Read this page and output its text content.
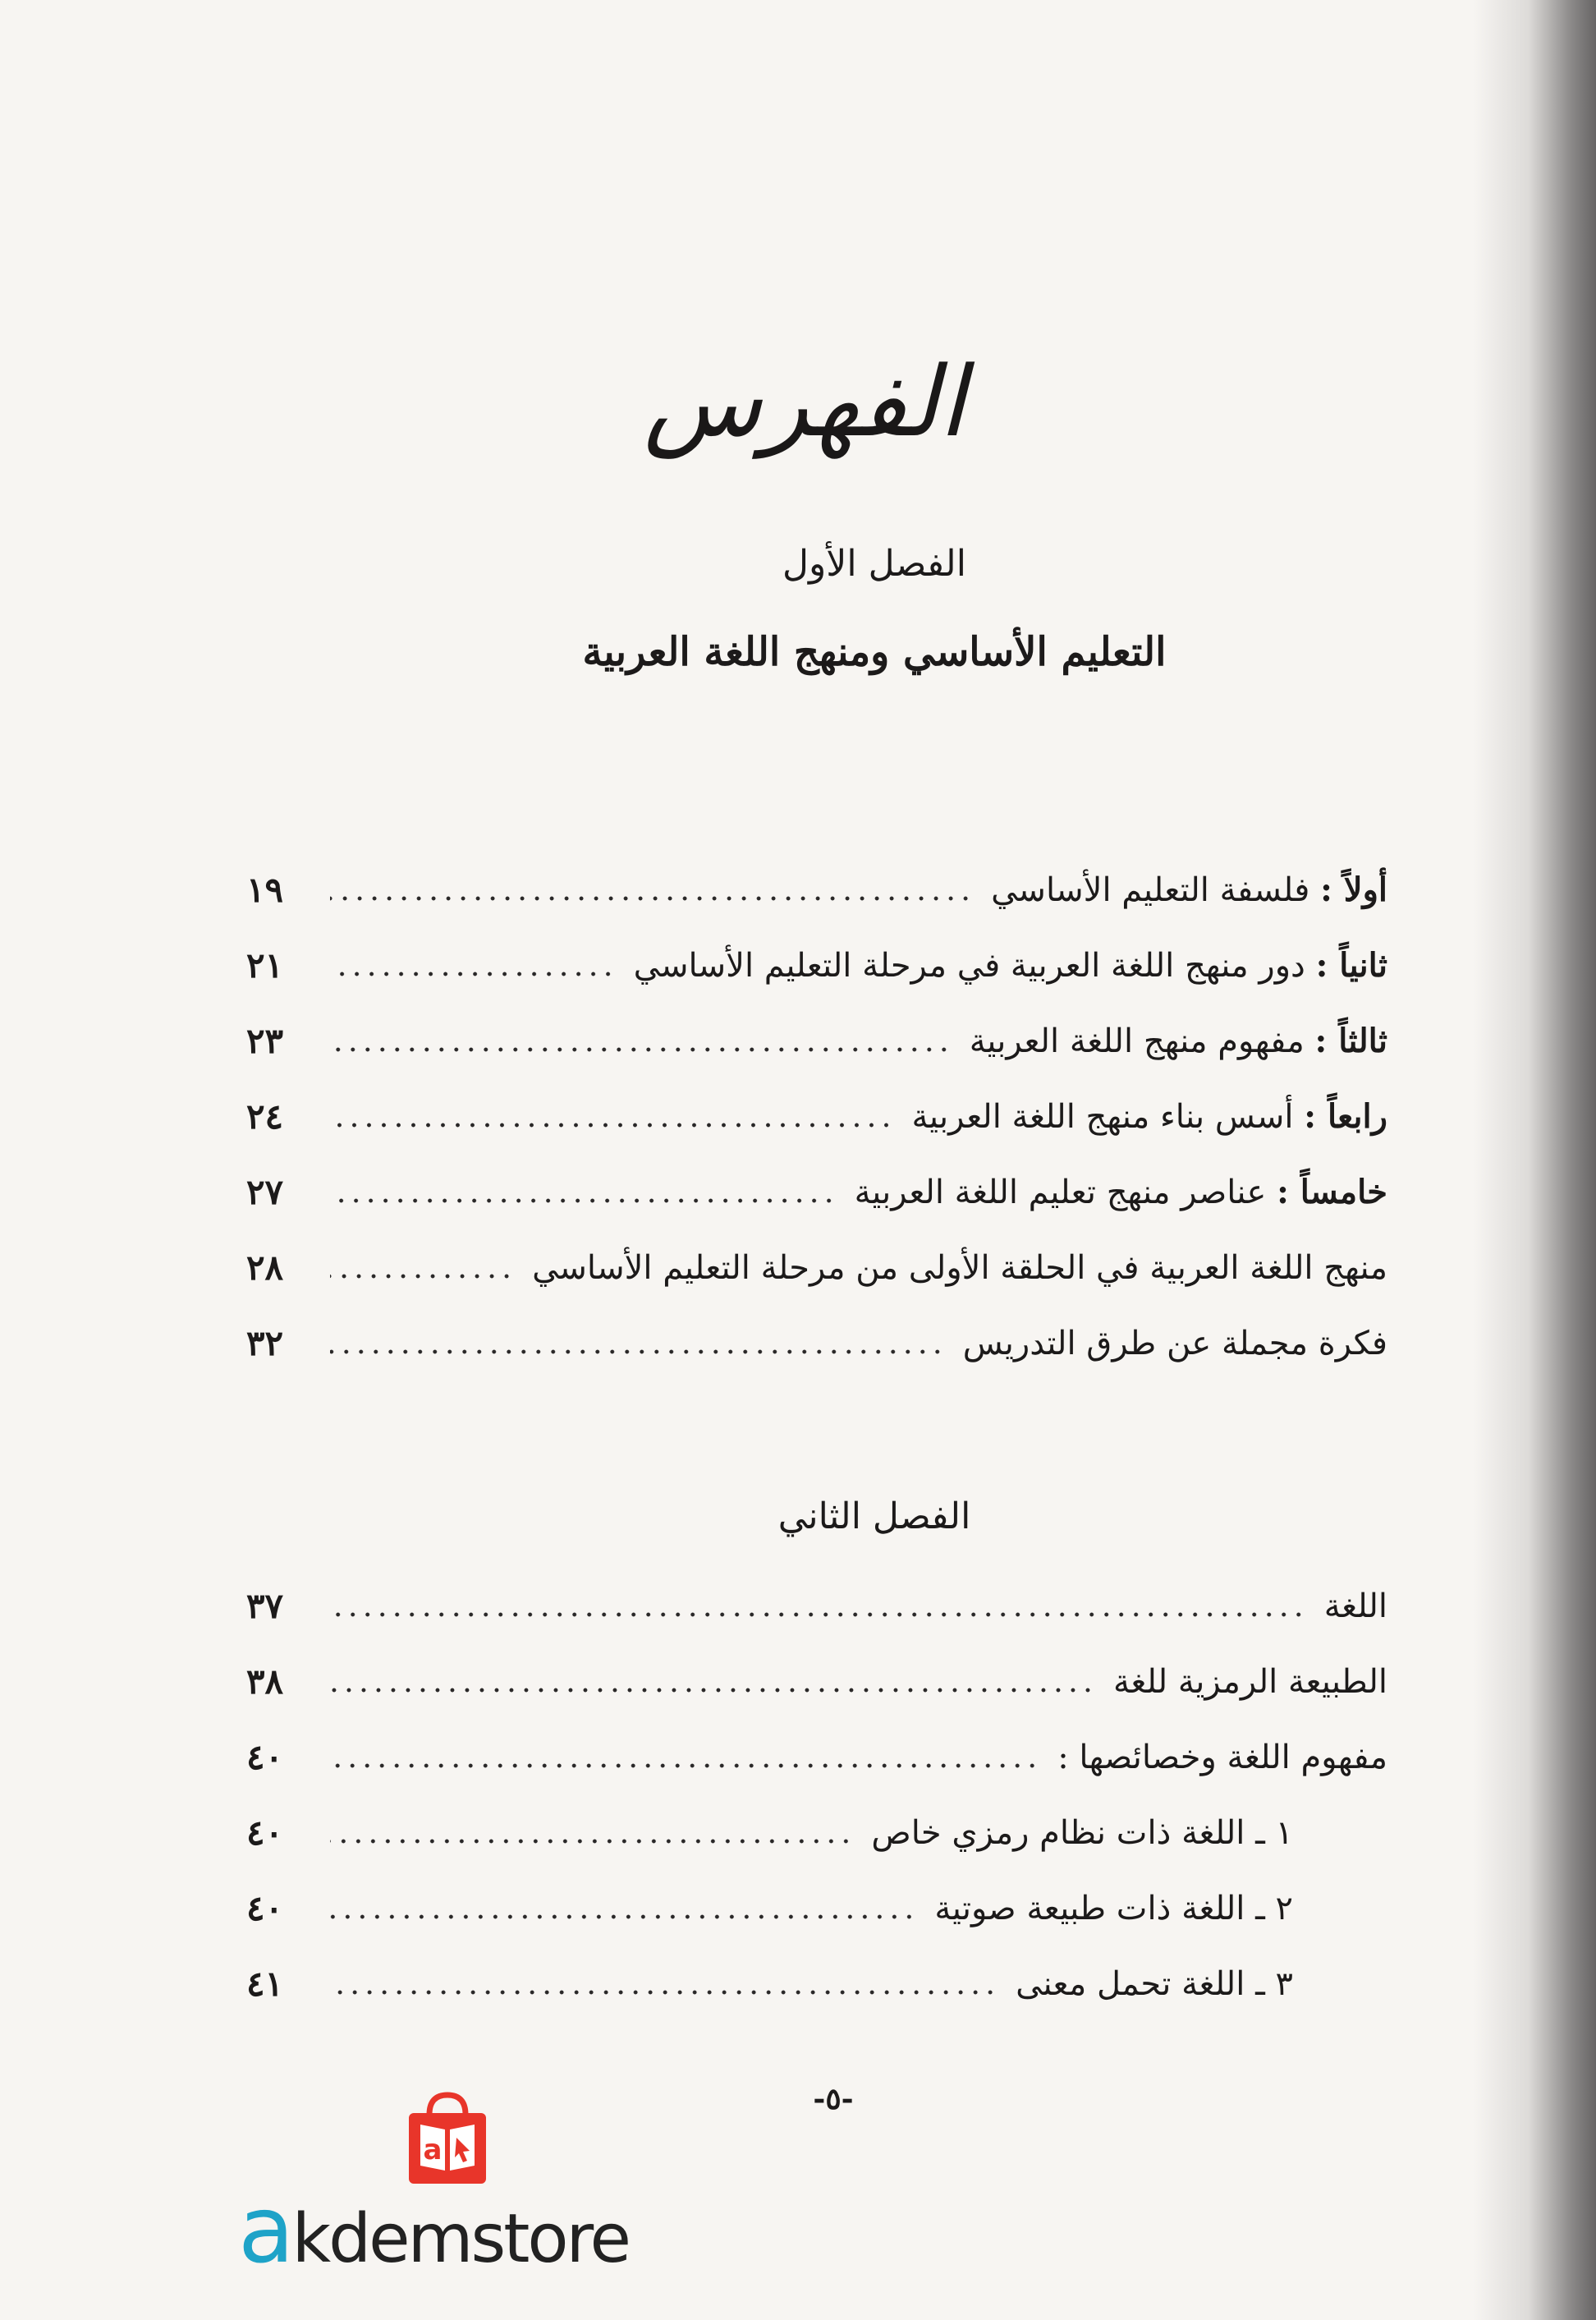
الفهرس
الفصل الأول
التعليم الأساسي ومنهج اللغة العربية
أولاً : فلسفة التعليم الأساسي
١٩
ثانياً : دور منهج اللغة العربية في مرحلة التعليم الأساسي
٢١
ثالثاً : مفهوم منهج اللغة العربية
٢٣
رابعاً : أسس بناء منهج اللغة العربية
٢٤
خامساً : عناصر منهج تعليم اللغة العربية
٢٧
منهج اللغة العربية في الحلقة الأولى من مرحلة التعليم الأساسي
٢٨
فكرة مجملة عن طرق التدريس
٣٢
الفصل الثاني
اللغة
٣٧
الطبيعة الرمزية للغة
٣٨
مفهوم اللغة وخصائصها :
٤٠
١ ـ اللغة ذات نظام رمزي خاص
٤٠
٢ ـ اللغة ذات طبيعة صوتية
٤٠
٣ ـ اللغة تحمل معنى
٤١
-٥-
a
akdemstore
